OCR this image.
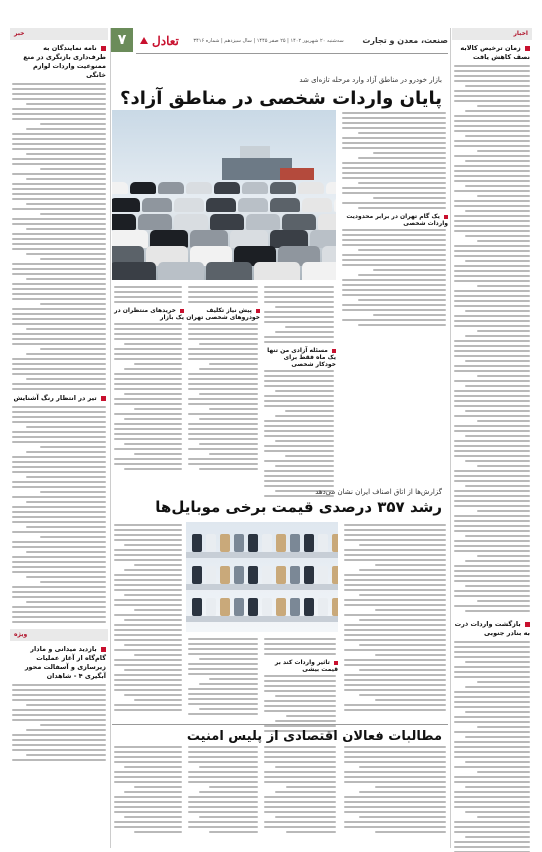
۷	صنعت، معدن و تجارت
سه‌شنبه ۲۰ شهریور ۱۴۰۲ | ۲۵ صفر ۱۴۴۵ | سال سیزدهم | شماره ۳۴۱۶
تعادل	اخبار
زمان ترخیص کالابه نصف کاهش یافت
بازگشت واردات ذرت به بنادر جنوبی
خبر
نامه نمایندگان به طرف‌داری بازنگری در منع ممنوعیت واردات لوازم خانگی
تیر در انتظار رنگ آشنایش
ویژه
بازدید میدانی و مادار گام‌گاه از آغاز عملیات زیرسازی و آسفالت محور آبگیری ۴ - شاهدان
بازار خودرو در مناطق آزاد وارد مرحله تازه‌ای شد
پایان واردات شخصی در مناطق آزاد؟
یک گام تهران در برابر محدودیت واردات شخصی
مسئله آزادی من تنها یک ماه فقط برای خودکار شخصی
پیش نیاز تکلیف خودروهای شخصی تهران
خریدهای منتظران در یک بازار
گزارش‌ها از اتاق اصناف ایران نشان می‌دهد
رشد ۳۵۷ درصدی قیمت برخی موبایل‌ها
تاثیر واردات کند بر قیمت بیشی
مطالبات فعالان اقتصادی از پلیس امنیت
